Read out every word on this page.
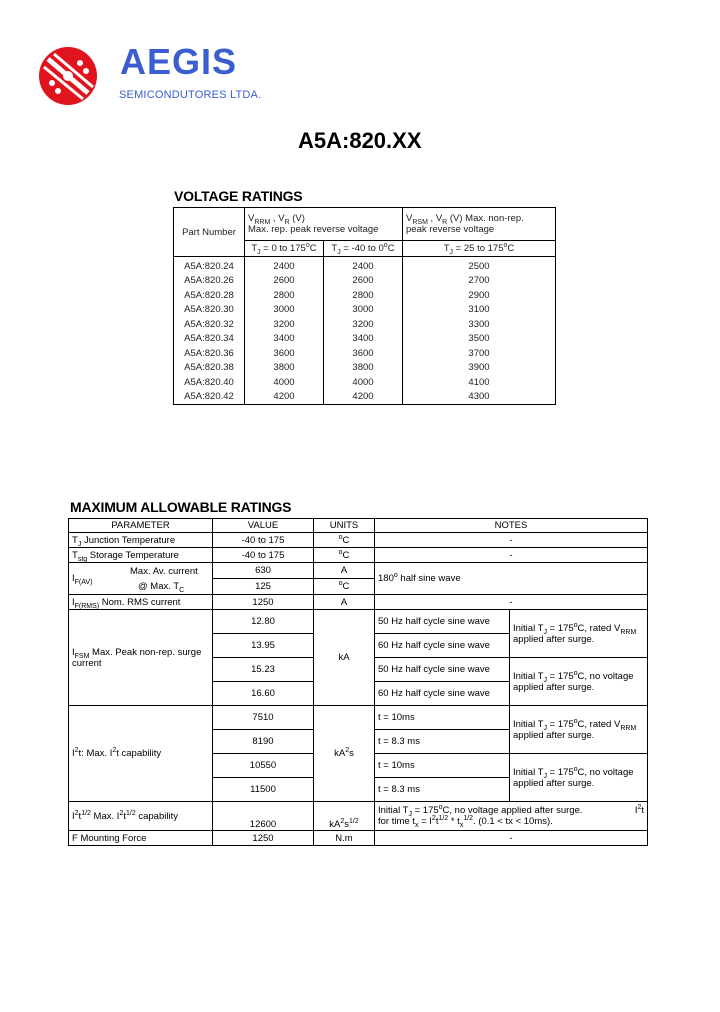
AEGIS
SEMICONDUTORES LTDA.
A5A:820.XX
VOLTAGE RATINGS
Part Number	$V_{RRM}$ , $V_R$ (V)
Max. rep. peak reverse voltage		$V_{RSM}$ , $V_R$ (V) Max. non-rep.
peak reverse voltage
	$T_J = 0$ to 175$^o$C	$T_J = -40$ to 0$^o$C	$T_J = 25$ to 175$^o$C
A5A:820.24	2400	2400	2500
A5A:820.26	2600	2600	2700
A5A:820.28	2800	2800	2900
A5A:820.30	3000	3000	3100
A5A:820.32	3200	3200	3300
A5A:820.34	3400	3400	3500
A5A:820.36	3600	3600	3700
A5A:820.38	3800	3800	3900
A5A:820.40	4000	4000	4100
A5A:820.42	4200	4200	4300
MAXIMUM ALLOWABLE RATINGS
PARAMETER	VALUE	UNITS	NOTES	
$T_J$ Junction Temperature	-40 to 175	$^o$C	-	
$T_{stg}$ Storage Temperature	-40 to 175	$^o$C	-	

$I_{F(AV)}$
Max. Av. current
@ Max. $T_C$	630	A	180$^o$ half sine wave	
	125	$^o$C		
$I_{F(RMS)}$ Nom. RMS current	1250	A	-	
$I_{FSM}$ Max. Peak non-rep. surge
current	12.80	kA	50 Hz half cycle sine wave	Initial $T_J = 175^oC$, rated $V_{RRM}$
applied after surge.
	13.95		60 Hz half cycle sine wave	
	15.23		50 Hz half cycle sine wave	Initial $T_J = 175^oC$, no voltage
applied after surge.
	16.60		60 Hz half cycle sine wave	
$I^2t$: Max. $I^2t$ capability	7510	$kA^2s$	t = 10ms	Initial $T_J = 175^oC$, rated $V_{RRM}$
applied after surge.
	8190		t = 8.3 ms	
	10550		t = 10ms	Initial $T_J = 175^oC$, no voltage
applied after surge.
	11500		t = 8.3 ms	
$I^2t^{1/2}$ Max. $I^2t^{1/2}$ capability	12600	$kA^2s^{1/2}$	Initial $T_J = 175^oC$, no voltage applied after surge. $I^2t$
for time $t_x = I^2t^{1/2} * t_x^{1/2}$. (0.1 < tx < 10ms).	

F Mounting Force	1250	N.m	-	
